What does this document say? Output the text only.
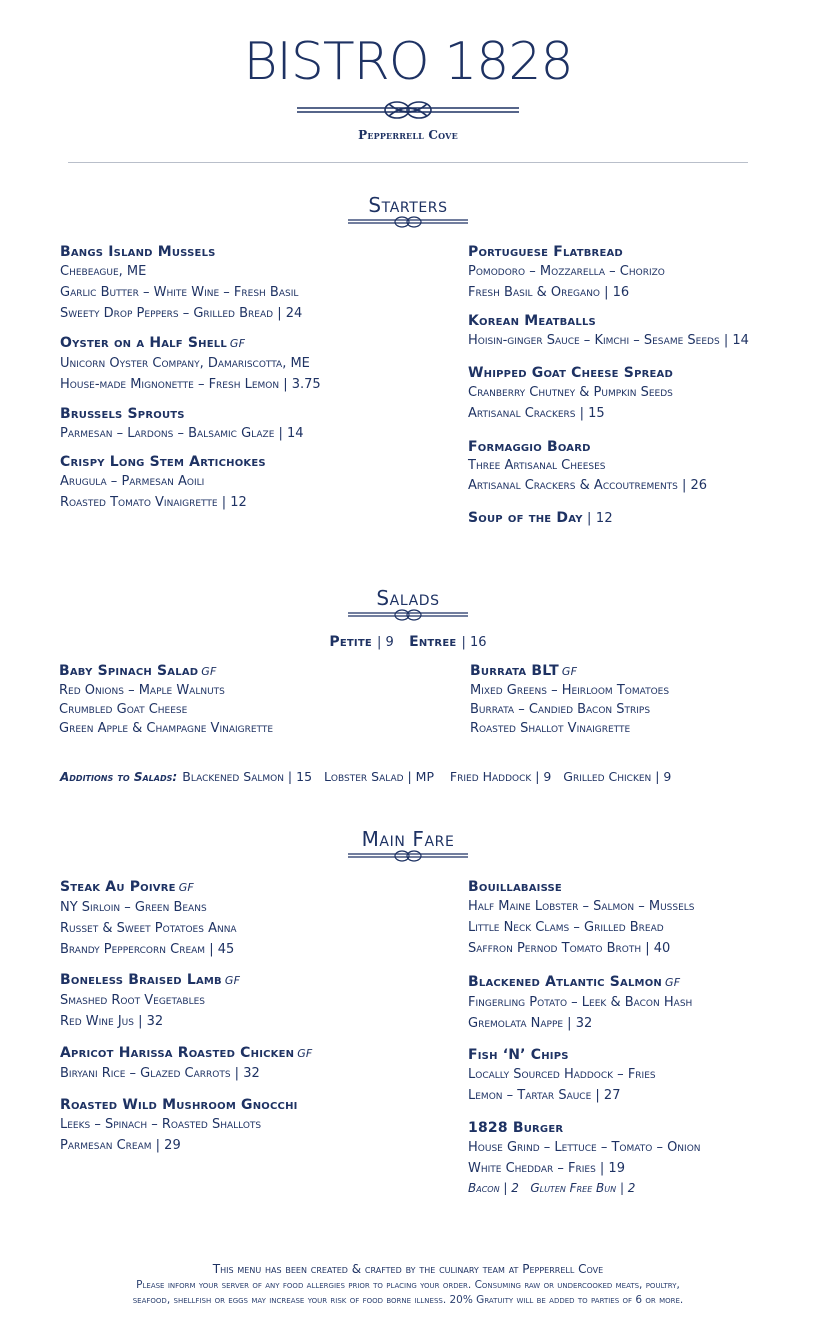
BISTRO 1828
Pepperrell Cove
Starters
Bangs Island Mussels
Chebeague, ME
Garlic Butter – White Wine – Fresh Basil
Sweety Drop Peppers – Grilled Bread | 24
Oyster on a Half Shell GF
Unicorn Oyster Company, Damariscotta, ME
House-made Mignonette – Fresh Lemon | 3.75
Brussels Sprouts
Parmesan – Lardons – Balsamic Glaze | 14
Crispy Long Stem Artichokes
Arugula – Parmesan Aoili
Roasted Tomato Vinaigrette | 12
Portuguese Flatbread
Pomodoro – Mozzarella – Chorizo
Fresh Basil & Oregano | 16
Korean Meatballs
Hoisin-ginger Sauce – Kimchi – Sesame Seeds | 14
Whipped Goat Cheese Spread
Cranberry Chutney & Pumpkin Seeds
Artisanal Crackers | 15
Formaggio Board
Three Artisanal Cheeses
Artisanal Crackers & Accoutrements | 26
Soup of the Day | 12
Salads
Petite | 9 Entree | 16
Baby Spinach Salad GF
Red Onions – Maple Walnuts
Crumbled Goat Cheese
Green Apple & Champagne Vinaigrette
Burrata BLT GF
Mixed Greens – Heirloom Tomatoes
Burrata – Candied Bacon Strips
Roasted Shallot Vinaigrette
Additions to Salads: Blackened Salmon | 15   Lobster Salad | MP    Fried Haddock | 9   Grilled Chicken | 9
Main Fare
Steak Au Poivre GF
NY Sirloin – Green Beans
Russet & Sweet Potatoes Anna
Brandy Peppercorn Cream | 45
Boneless Braised Lamb GF
Smashed Root Vegetables
Red Wine Jus | 32
Apricot Harissa Roasted Chicken GF
Biryani Rice – Glazed Carrots | 32
Roasted Wild Mushroom Gnocchi
Leeks – Spinach – Roasted Shallots
Parmesan Cream | 29
Bouillabaisse
Half Maine Lobster – Salmon – Mussels
Little Neck Clams – Grilled Bread
Saffron Pernod Tomato Broth | 40
Blackened Atlantic Salmon GF
Fingerling Potato – Leek & Bacon Hash
Gremolata Nappe | 32
Fish ‘N’ Chips
Locally Sourced Haddock – Fries
Lemon – Tartar Sauce | 27
1828 Burger
House Grind – Lettuce – Tomato – Onion
White Cheddar – Fries | 19
Bacon | 2   Gluten Free Bun | 2
This menu has been created & crafted by the culinary team at Pepperrell Cove
Please inform your server of any food allergies prior to placing your order. Consuming raw or undercooked meats, poultry,
seafood, shellfish or eggs may increase your risk of food borne illness. 20% Gratuity will be added to parties of 6 or more.
